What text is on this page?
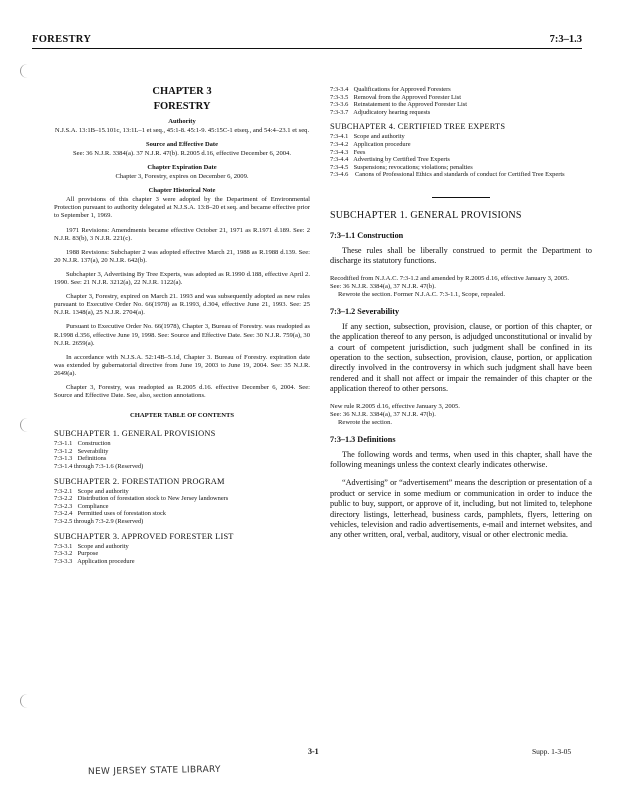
FORESTRY	7:3–1.3

CHAPTER 3

FORESTRY

Authority

N.J.S.A. 13:1B–15.101c, 13:1L–1 et seq., 45:1-8. 45:1-9. 45:15C-1 etseq., and 54:4–23.1 et seq.

Source and Effective Date

See: 36 N.J.R. 3384(a). 37 N.J.R. 47(b). R.2005 d.16, effective December 6, 2004.

Chapter Expiration Date

Chapter 3, Forestry, expires on December 6, 2009.

Chapter Historical Note

All provisions of this chapter 3 were adopted by the Department of Environmental Protection pursuant to authority delegated at N.J.S.A. 13:8–20 et seq. and became effective prior to September 1, 1969.

1971 Revisions: Amendments became effective October 21, 1971 as R.1971 d.189. See: 2 N.J.R. 83(b), 3 N.J.R. 221(c).

1988 Revisions: Subchapter 2 was adopted effective March 21, 1988 as R.1988 d.139. See: 20 N.J.R. 137(a), 20 N.J.R. 642(b).

Subchapter 3, Advertising By Tree Experts, was adopted as R.1990 d.188, effective April 2. 1990. See: 21 N.J.R. 3212(a), 22 N.J.R. 1122(a).

Chapter 3, Forestry, expired on March 21. 1993 and was subsequently adopted as new rules pursuant to Executive Order No. 66(1978) as R.1993, d.304, effective June 21, 1993. See: 25 N.J.R. 1348(a), 25 N.J.R. 2704(a).

Pursuant to Executive Order No. 66(1978), Chapter 3, Bureau of Forestry. was readopted as R.1998 d.356, effective June 19, 1998. See: Source and Effective Date. See: 30 N.J.R. 759(a), 30 N.J.R. 2659(a).

In accordance with N.J.S.A. 52:14B–5.1d, Chapter 3. Bureau of Forestry. expiration date was extended by gubernatorial directive from June 19, 2003 to June 19, 2004. See: 35 N.J.R. 2649(a).

Chapter 3, Forestry, was readopted as R.2005 d.16. effective December 6, 2004. See: Source and Effective Date. See, also, section annotations.

CHAPTER TABLE OF CONTENTS

SUBCHAPTER 1. GENERAL PROVISIONS
7:3-1.1 Construction
7:3-1.2 Severability
7:3-1.3 Definitions
7:3-1.4 through 7:3-1.6 (Reserved)
SUBCHAPTER 2. FORESTATION PROGRAM
7:3-2.1 Scope and authority
7:3-2.2 Distribution of forestation stock to New Jersey landowners
7:3-2.3 Compliance
7:3-2.4 Permitted uses of forestation stock
7:3-2.5 through 7:3-2.9 (Reserved)
SUBCHAPTER 3. APPROVED FORESTER LIST
7:3-3.1 Scope and authority
7:3-3.2 Purpose
7:3-3.3 Application procedure
7:3-3.4 Qualifications for Approved Foresters
7:3-3.5 Removal from the Approved Forester List
7:3-3.6 Reinstatement to the Approved Forester List
7:3-3.7 Adjudicatory hearing requests
SUBCHAPTER 4. CERTIFIED TREE EXPERTS
7:3-4.1 Scope and authority
7:3-4.2 Application procedure
7:3-4.3 Fees
7:3-4.4 Advertising by Certified Tree Experts
7:3-4.5 Suspensions; revocations; violations; penalties
7:3-4.6	Canons of Professional Ethics and standards of conduct for Certified Tree Experts

SUBCHAPTER 1. GENERAL PROVISIONS

7:3–1.1 Construction

These rules shall be liberally construed to permit the Department to discharge its statutory functions.

Recodified from N.J.A.C. 7:3-1.2 and amended by R.2005 d.16, effective January 3, 2005.
See: 36 N.J.R. 3384(a), 37 N.J.R. 47(b).
Rewrote the section. Former N.J.A.C. 7:3-1.1, Scope, repealed.

7:3–1.2 Severability

If any section, subsection, provision, clause, or portion of this chapter, or the application thereof to any person, is adjudged unconstitutional or invalid by a court of competent jurisdiction, such judgment shall be confined in its operation to the section, subsection, provision, clause, portion, or application directly involved in the controversy in which such judgment shall have been rendered and it shall not affect or impair the remainder of this chapter or the application thereof to other persons.

New rule R.2005 d.16, effective January 3, 2005.
See: 36 N.J.R. 3384(a), 37 N.J.R. 47(b).
Rewrote the section.

7:3–1.3 Definitions

The following words and terms, when used in this chapter, shall have the following meanings unless the context clearly indicates otherwise.

“Advertising” or “advertisement” means the description or presentation of a product or service in some medium or communication in order to induce the public to buy, support, or approve of it, including, but not limited to, telephone directory listings, letterhead, business cards, pamphlets, flyers, lettering on vehicles, television and radio advertisements, e-mail and internet websites, and any other written, oral, verbal, auditory, visual or other electronic media.

3-1	Supp. 1-3-05
NEW JERSEY STATE LIBRARY
